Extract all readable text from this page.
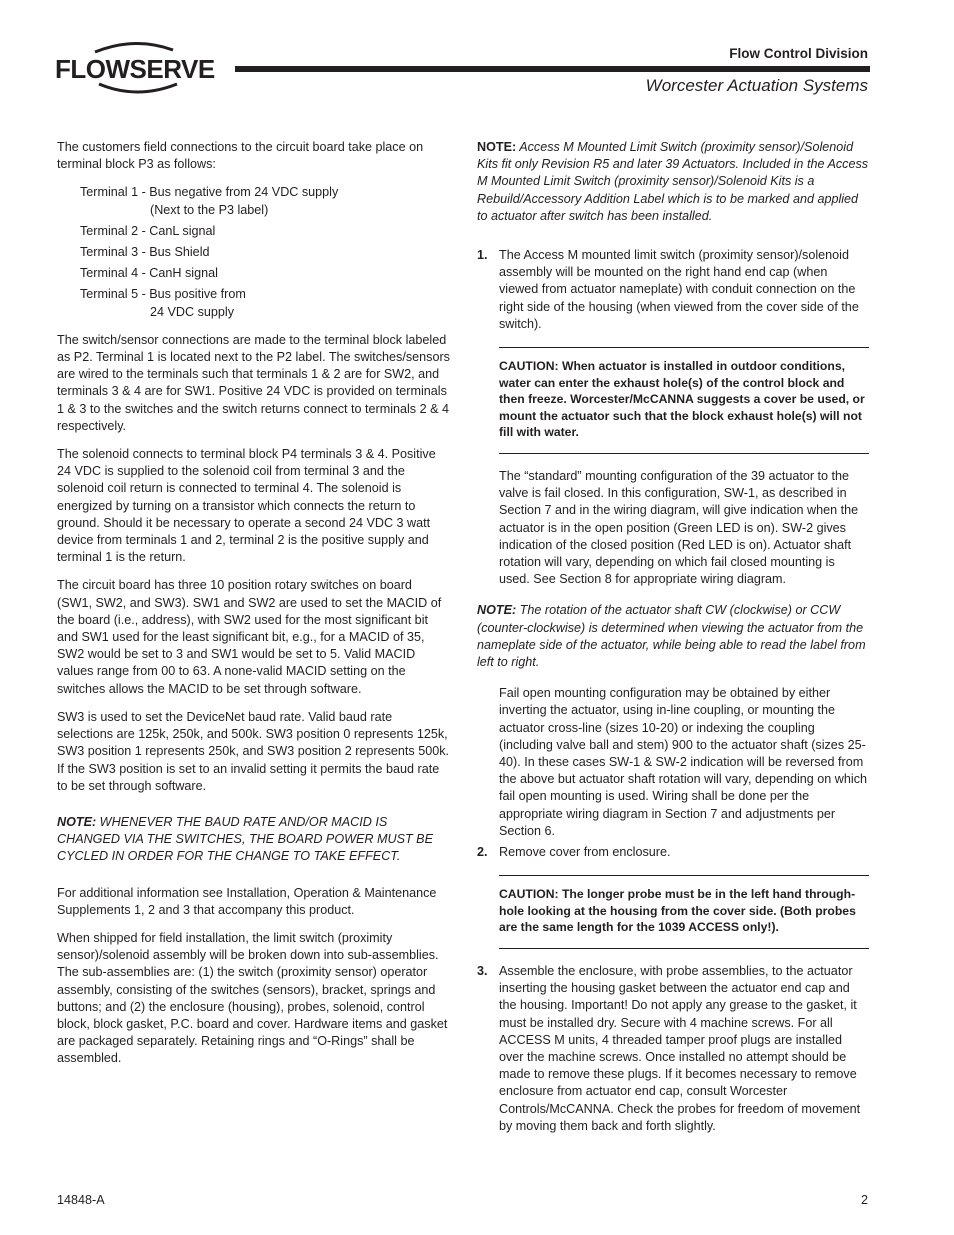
FLOWSERVE
Flow Control Division
Worcester Actuation Systems

The customers field connections to the circuit board take place on terminal block P3 as follows:

Terminal 1 - Bus negative from 24 VDC supply
(Next to the P3 label)
Terminal 2 - CanL signal
Terminal 3 - Bus Shield
Terminal 4 - CanH signal
Terminal 5 - Bus positive from
24 VDC supply

The switch/sensor connections are made to the terminal block labeled as P2. Terminal 1 is located next to the P2 label. The switches/sensors are wired to the terminals such that terminals 1 & 2 are for SW2, and terminals 3 & 4 are for SW1. Positive 24 VDC is provided on terminals 1 & 3 to the switches and the switch returns connect to terminals 2 & 4 respectively.

The solenoid connects to terminal block P4 terminals 3 & 4. Positive 24 VDC is supplied to the solenoid coil from terminal 3 and the solenoid coil return is connected to terminal 4. The solenoid is energized by turning on a transistor which connects the return to ground. Should it be necessary to operate a second 24 VDC 3 watt device from terminals 1 and 2, terminal 2 is the positive supply and terminal 1 is the return.

The circuit board has three 10 position rotary switches on board (SW1, SW2, and SW3). SW1 and SW2 are used to set the MACID of the board (i.e., address), with SW2 used for the most significant bit and SW1 used for the least significant bit, e.g., for a MACID of 35, SW2 would be set to 3 and SW1 would be set to 5. Valid MACID values range from 00 to 63. A none-valid MACID setting on the switches allows the MACID to be set through software.

SW3 is used to set the DeviceNet baud rate. Valid baud rate selections are 125k, 250k, and 500k. SW3 position 0 represents 125k, SW3 position 1 represents 250k, and SW3 position 2 represents 500k. If the SW3 position is set to an invalid setting it permits the baud rate to be set through software.

NOTE: WHENEVER THE BAUD RATE AND/OR MACID IS CHANGED VIA THE SWITCHES, THE BOARD POWER MUST BE CYCLED IN ORDER FOR THE CHANGE TO TAKE EFFECT.

For additional information see Installation, Operation & Maintenance Supplements 1, 2 and 3 that accompany this product.

When shipped for field installation, the limit switch (proximity sensor)/solenoid assembly will be broken down into sub-assemblies. The sub-assemblies are: (1) the switch (proximity sensor) operator assembly, consisting of the switches (sensors), bracket, springs and buttons; and (2) the enclosure (housing), probes, solenoid, control block, block gasket, P.C. board and cover. Hardware items and gasket are packaged separately. Retaining rings and “O-Rings” shall be assembled.

NOTE: Access M Mounted Limit Switch (proximity sensor)/Solenoid Kits fit only Revision R5 and later 39 Actuators. Included in the Access M Mounted Limit Switch (proximity sensor)/Solenoid Kits is a Rebuild/Accessory Addition Label which is to be marked and applied to actuator after switch has been installed.

1. The Access M mounted limit switch (proximity sensor)/solenoid assembly will be mounted on the right hand end cap (when viewed from actuator nameplate) with conduit connection on the right side of the housing (when viewed from the cover side of the switch).
CAUTION: When actuator is installed in outdoor conditions, water can enter the exhaust hole(s) of the control block and then freeze. Worcester/McCANNA suggests a cover be used, or mount the actuator such that the block exhaust hole(s) will not fill with water.

The “standard” mounting configuration of the 39 actuator to the valve is fail closed. In this configuration, SW-1, as described in Section 7 and in the wiring diagram, will give indication when the actuator is in the open position (Green LED is on). SW-2 gives indication of the closed position (Red LED is on). Actuator shaft rotation will vary, depending on which fail closed mounting is used. See Section 8 for appropriate wiring diagram.

NOTE: The rotation of the actuator shaft CW (clockwise) or CCW (counter-clockwise) is determined when viewing the actuator from the nameplate side of the actuator, while being able to read the label from left to right.

Fail open mounting configuration may be obtained by either inverting the actuator, using in-line coupling, or mounting the actuator cross-line (sizes 10-20) or indexing the coupling (including valve ball and stem) 900 to the actuator shaft (sizes 25-40). In these cases SW-1 & SW-2 indication will be reversed from the above but actuator shaft rotation will vary, depending on which fail open mounting is used. Wiring shall be done per the appropriate wiring diagram in Section 7 and adjustments per Section 6.

2. Remove cover from enclosure.
CAUTION: The longer probe must be in the left hand through-hole looking at the housing from the cover side. (Both probes are the same length for the 1039 ACCESS only!).
3. Assemble the enclosure, with probe assemblies, to the actuator inserting the housing gasket between the actuator end cap and the housing. Important! Do not apply any grease to the gasket, it must be installed dry. Secure with 4 machine screws. For all ACCESS M units, 4 threaded tamper proof plugs are installed over the machine screws. Once installed no attempt should be made to remove these plugs. If it becomes necessary to remove enclosure from actuator end cap, consult Worcester Controls/McCANNA. Check the probes for freedom of movement by moving them back and forth slightly.
14848-A	2
